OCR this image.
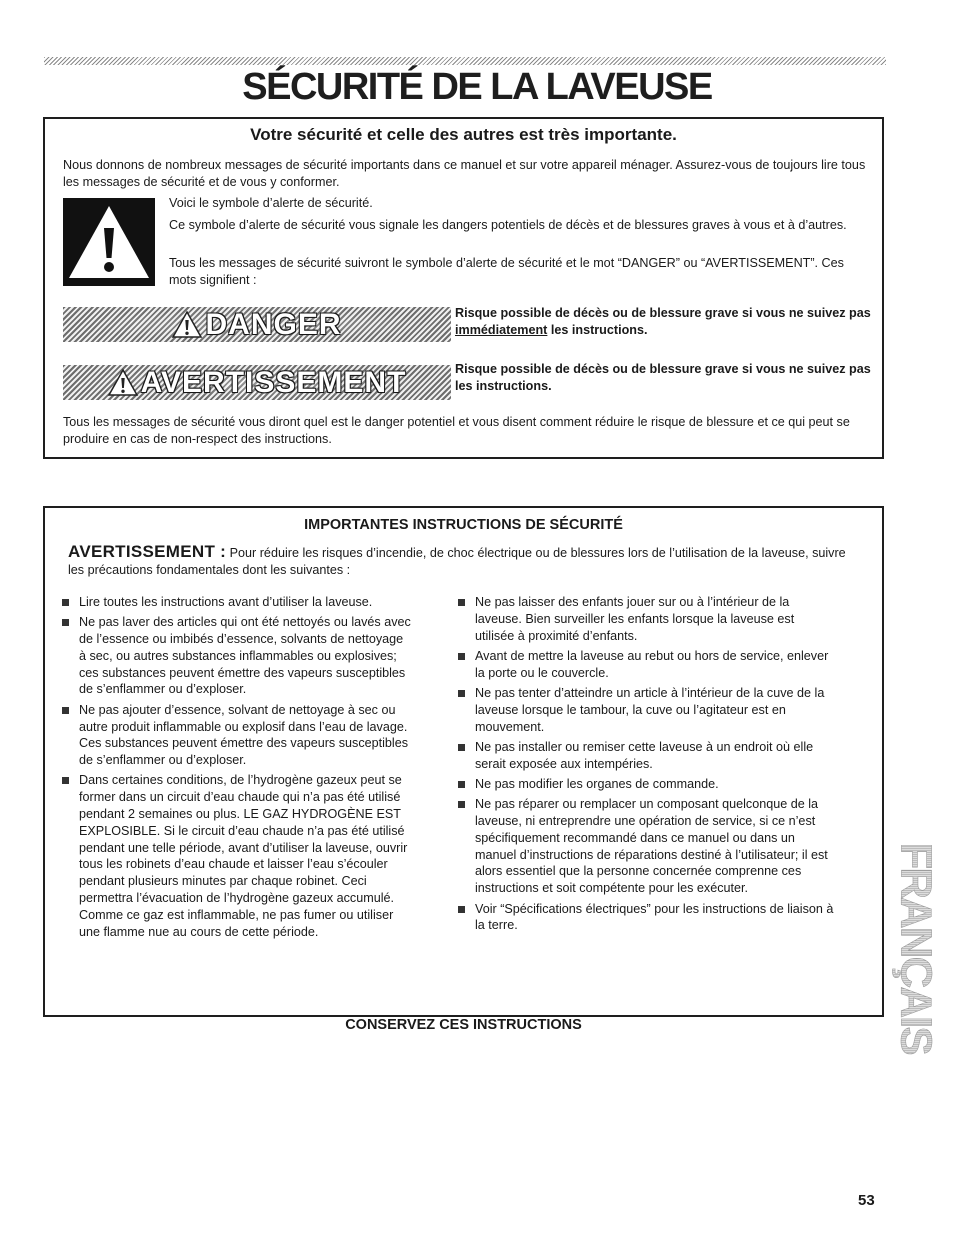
SÉCURITÉ DE LA LAVEUSE
Votre sécurité et celle des autres est très importante.

Nous donnons de nombreux messages de sécurité importants dans ce manuel et sur votre appareil ménager. Assurez-vous de toujours lire tous les messages de sécurité et de vous y conformer.

Voici le symbole d’alerte de sécurité.

Ce symbole d’alerte de sécurité vous signale les dangers potentiels de décès et de blessures graves à vous et à d’autres.

Tous les messages de sécurité suivront le symbole d’alerte de sécurité et le mot “DANGER” ou “AVERTISSEMENT”. Ces mots signifient :

DANGER	Risque possible de décès ou de blessure grave si vous ne suivez pas immédiatement les instructions.

AVERTISSEMENT	Risque possible de décès ou de blessure grave si vous ne suivez pas les instructions.

Tous les messages de sécurité vous diront quel est le danger potentiel et vous disent comment réduire le risque de blessure et ce qui peut se produire en cas de non-respect des instructions.

IMPORTANTES INSTRUCTIONS DE SÉCURITÉ

AVERTISSEMENT : Pour réduire les risques d’incendie, de choc électrique ou de blessures lors de l’utilisation de la laveuse, suivre les précautions fondamentales dont les suivantes :

Lire toutes les instructions avant d’utiliser la laveuse.
Ne pas laver des articles qui ont été nettoyés ou lavés avec de l’essence ou imbibés d’essence, solvants de nettoyage à sec, ou autres substances inflammables ou explosives; ces substances peuvent émettre des vapeurs susceptibles de s’enflammer ou d’exploser.
Ne pas ajouter d’essence, solvant de nettoyage à sec ou autre produit inflammable ou explosif dans l’eau de lavage. Ces substances peuvent émettre des vapeurs susceptibles de s’enflammer ou d’exploser.
Dans certaines conditions, de l’hydrogène gazeux peut se former dans un circuit d’eau chaude qui n’a pas été utilisé pendant 2 semaines ou plus. LE GAZ HYDROGÈNE EST EXPLOSIBLE. Si le circuit d’eau chaude n’a pas été utilisé pendant une telle période, avant d’utiliser la laveuse, ouvrir tous les robinets d’eau chaude et laisser l’eau s’écouler pendant plusieurs minutes par chaque robinet. Ceci permettra l’évacuation de l’hydrogène gazeux accumulé. Comme ce gaz est inflammable, ne pas fumer ou utiliser une flamme nue au cours de cette période.
Ne pas laisser des enfants jouer sur ou à l’intérieur de la laveuse. Bien surveiller les enfants lorsque la laveuse est utilisée à proximité d’enfants.
Avant de mettre la laveuse au rebut ou hors de service, enlever la porte ou le couvercle.
Ne pas tenter d’atteindre un article à l’intérieur de la cuve de la laveuse lorsque le tambour, la cuve ou l’agitateur est en mouvement.
Ne pas installer ou remiser cette laveuse à un endroit où elle serait exposée aux intempéries.
Ne pas modifier les organes de commande.
Ne pas réparer ou remplacer un composant quelconque de la laveuse, ni entreprendre une opération de service, si ce n’est spécifiquement recommandé dans ce manuel ou dans un manuel d’instructions de réparations destiné à l’utilisateur; il est alors essentiel que la personne concernée comprenne ces instructions et soit compétente pour les exécuter.
Voir “Spécifications électriques” pour les instructions de liaison à la terre.

CONSERVEZ CES INSTRUCTIONS	FRANÇAIS

53
